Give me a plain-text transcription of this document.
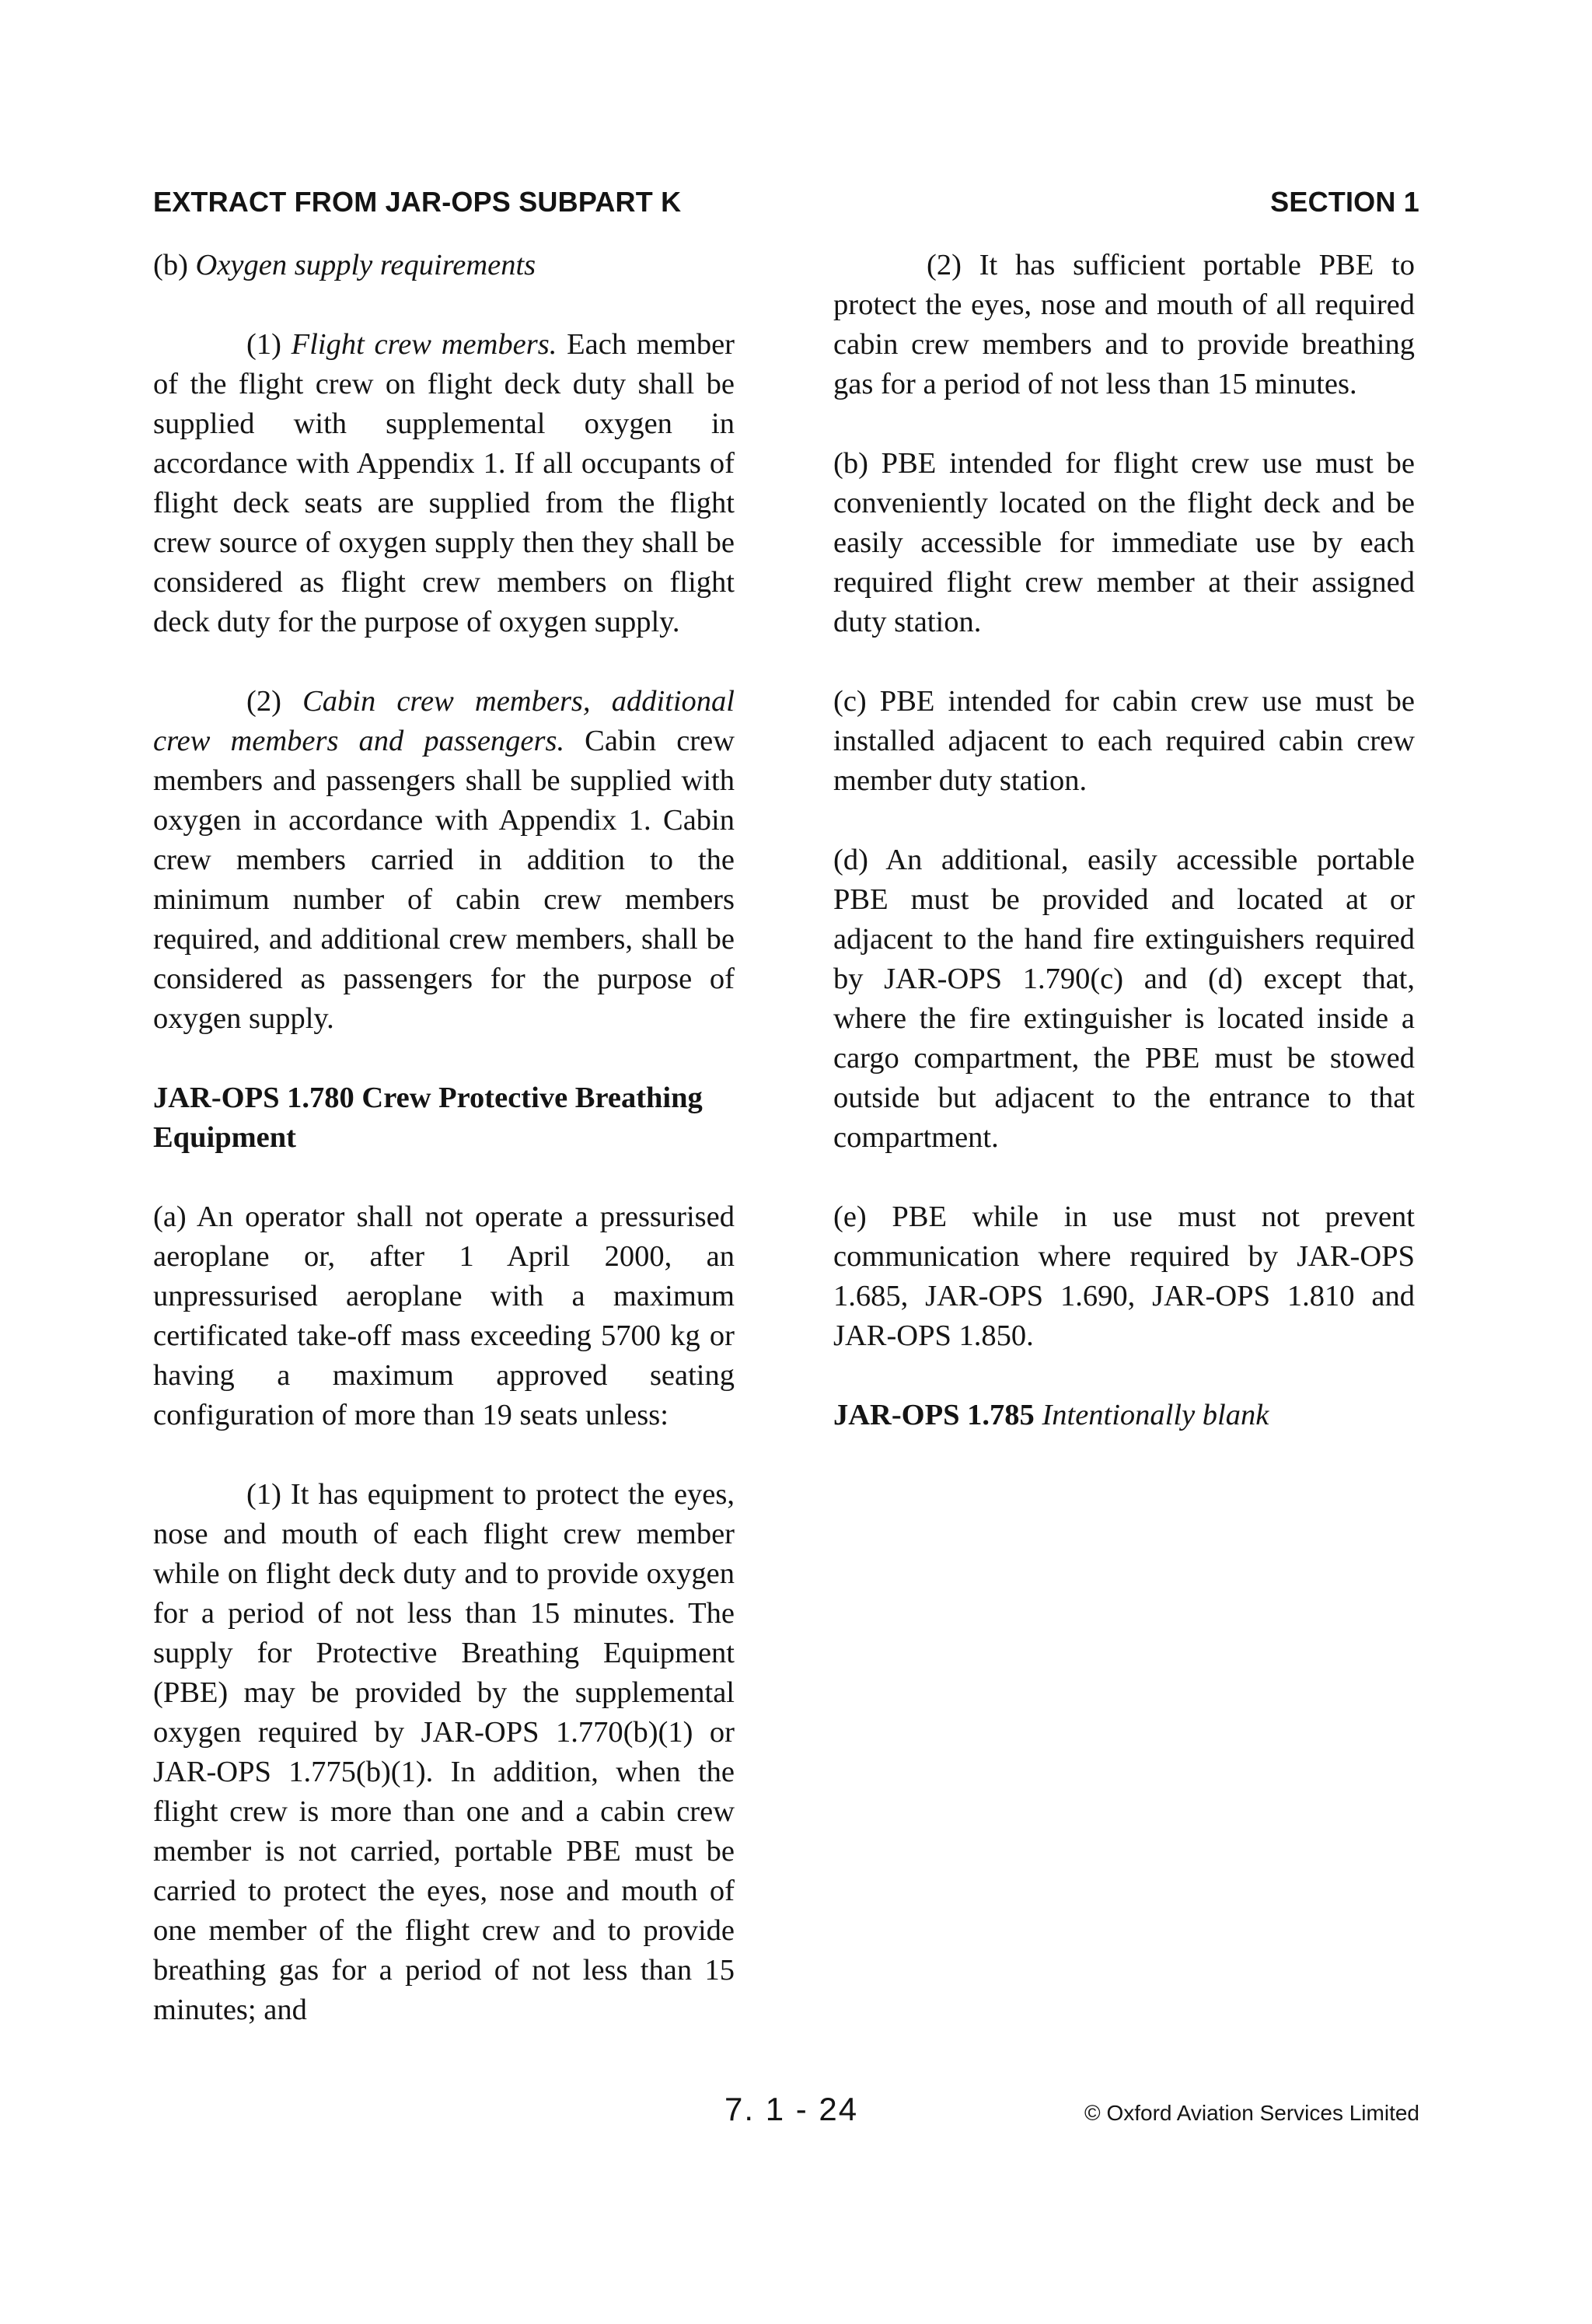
EXTRACT FROM JAR-OPS SUBPART K	SECTION 1

(b) Oxygen supply requirements

(1) Flight crew members. Each member of the flight crew on flight deck duty shall be supplied with supplemental oxygen in accordance with Appendix 1. If all occupants of flight deck seats are supplied from the flight crew source of oxygen supply then they shall be considered as flight crew members on flight deck duty for the purpose of oxygen supply.

(2) Cabin crew members, additional crew members and passengers. Cabin crew members and passengers shall be supplied with oxygen in accordance with Appendix 1. Cabin crew members carried in addition to the minimum number of cabin crew members required, and additional crew members, shall be considered as passengers for the purpose of oxygen supply.

JAR-OPS 1.780 Crew Protective Breathing Equipment

(a) An operator shall not operate a pressurised aeroplane or, after 1 April 2000, an unpressurised aeroplane with a maximum certificated take-off mass exceeding 5700 kg or having a maximum approved seating configuration of more than 19 seats unless:

(1) It has equipment to protect the eyes, nose and mouth of each flight crew member while on flight deck duty and to provide oxygen for a period of not less than 15 minutes. The supply for Protective Breathing Equipment (PBE) may be provided by the supplemental oxygen required by JAR-OPS 1.770(b)(1) or JAR-OPS 1.775(b)(1). In addition, when the flight crew is more than one and a cabin crew member is not carried, portable PBE must be carried to protect the eyes, nose and mouth of one member of the flight crew and to provide breathing gas for a period of not less than 15 minutes; and

(2) It has sufficient portable PBE to protect the eyes, nose and mouth of all required cabin crew members and to provide breathing gas for a period of not less than 15 minutes.

(b) PBE intended for flight crew use must be conveniently located on the flight deck and be easily accessible for immediate use by each required flight crew member at their assigned duty station.

(c) PBE intended for cabin crew use must be installed adjacent to each required cabin crew member duty station.

(d) An additional, easily accessible portable PBE must be provided and located at or adjacent to the hand fire extinguishers required by JAR-OPS 1.790(c) and (d) except that, where the fire extinguisher is located inside a cargo compartment, the PBE must be stowed outside but adjacent to the entrance to that compartment.

(e) PBE while in use must not prevent communication where required by JAR-OPS 1.685, JAR-OPS 1.690, JAR-OPS 1.810 and JAR-OPS 1.850.

JAR-OPS 1.785 Intentionally blank

7. 1 - 24	© Oxford Aviation Services Limited
